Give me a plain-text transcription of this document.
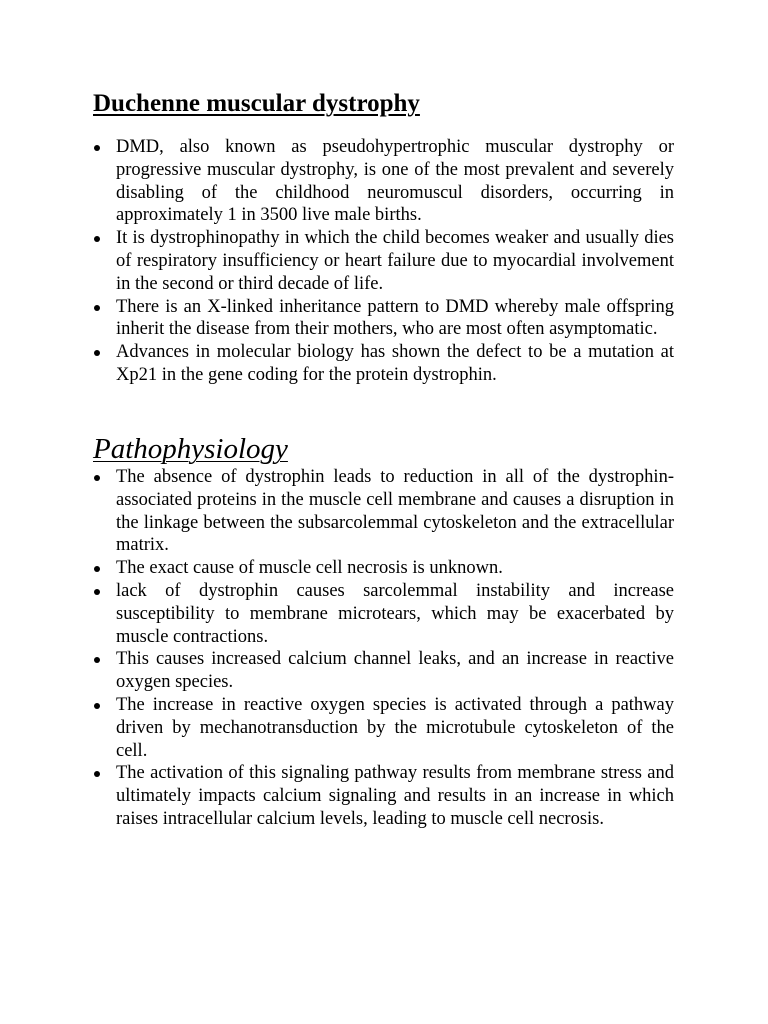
Duchenne muscular dystrophy
DMD, also known as pseudohypertrophic muscular dystrophy or progressive muscular dystrophy, is one of the most prevalent and severely disabling of the childhood neuromuscul disorders, occurring in approximately 1 in 3500 live male births.
It is dystrophinopathy in which the child becomes weaker and usually dies of respiratory insufficiency or heart failure due to myocardial involvement in the second or third decade of life.
There is an X-linked inheritance pattern to DMD whereby male offspring inherit the disease from their mothers, who are most often asymptomatic.
Advances in molecular biology has shown the defect to be a mutation at Xp21 in the gene coding for the protein dystrophin.
Pathophysiology
The absence of dystrophin leads to reduction in all of the dystrophin-associated proteins in the muscle cell membrane and causes a disruption in the linkage between the subsarcolemmal cytoskeleton and the extracellular matrix.
The exact cause of muscle cell necrosis is unknown.
lack of dystrophin causes sarcolemmal instability and increase susceptibility to membrane microtears, which may be exacerbated by muscle contractions.
This causes increased calcium channel leaks, and an increase in reactive oxygen species.
The increase in reactive oxygen species is activated through a pathway driven by mechanotransduction by the microtubule cytoskeleton of the cell.
The activation of this signaling pathway results from membrane stress and ultimately impacts calcium signaling and results in an increase in which raises intracellular calcium levels, leading to muscle cell necrosis.
